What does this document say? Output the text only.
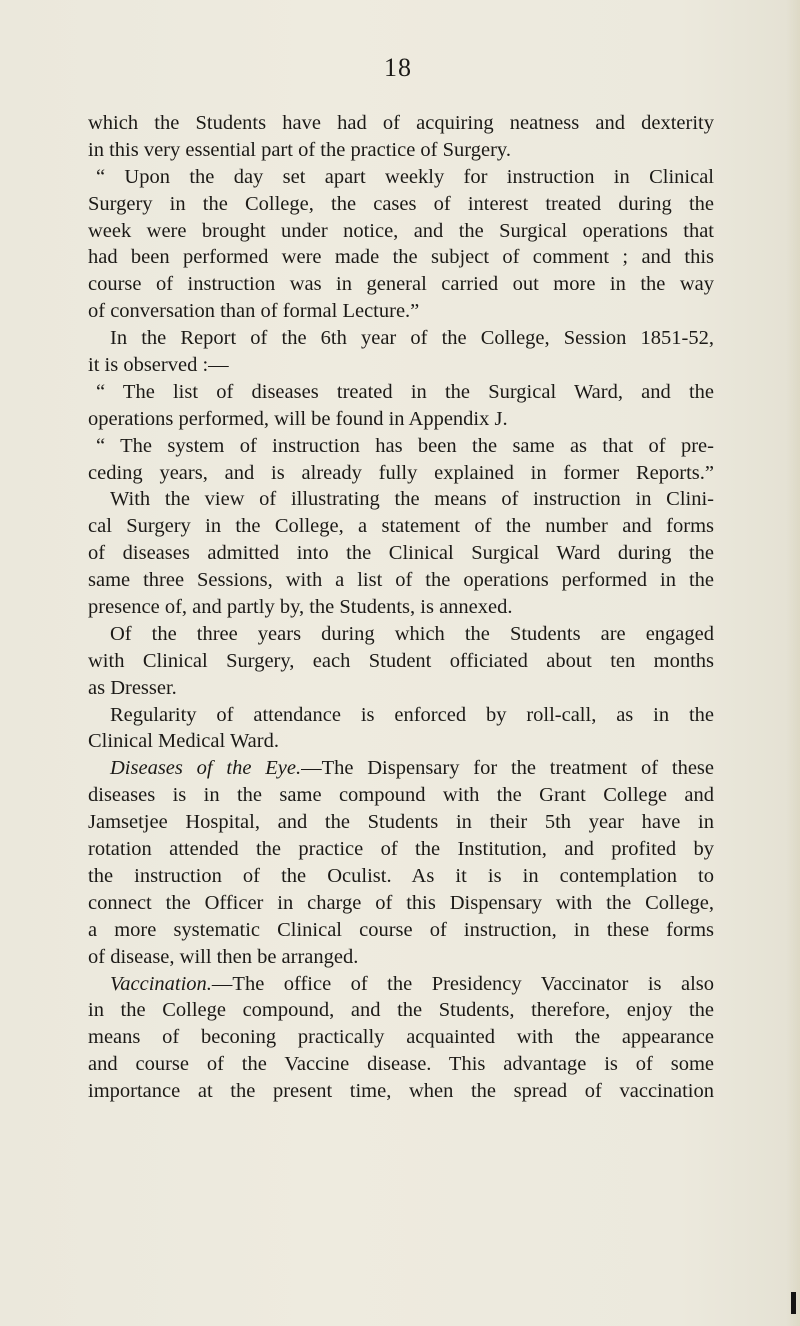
18
which the Students have had of acquiring neatness and dexterity
in this very essential part of the practice of Surgery.
“ Upon the day set apart weekly for instruction in Clinical
Surgery in the College, the cases of interest treated during the
week were brought under notice, and the Surgical operations that
had been performed were made the subject of comment ; and this
course of instruction was in general carried out more in the way
of conversation than of formal Lecture.”
In the Report of the 6th year of the College, Session 1851-52,
it is observed :—
“ The list of diseases treated in the Surgical Ward, and the
operations performed, will be found in Appendix J.
“ The system of instruction has been the same as that of pre-
ceding years, and is already fully explained in former Reports.”
With the view of illustrating the means of instruction in Clini-
cal Surgery in the College, a statement of the number and forms
of diseases admitted into the Clinical Surgical Ward during the
same three Sessions, with a list of the operations performed in the
presence of, and partly by, the Students, is annexed.
Of the three years during which the Students are engaged
with Clinical Surgery, each Student officiated about ten months
as Dresser.
Regularity of attendance is enforced by roll-call, as in the
Clinical Medical Ward.
Diseases of the Eye.—The Dispensary for the treatment of these
diseases is in the same compound with the Grant College and
Jamsetjee Hospital, and the Students in their 5th year have in
rotation attended the practice of the Institution, and profited by
the instruction of the Oculist. As it is in contemplation to
connect the Officer in charge of this Dispensary with the College,
a more systematic Clinical course of instruction, in these forms
of disease, will then be arranged.
Vaccination.—The office of the Presidency Vaccinator is also
in the College compound, and the Students, therefore, enjoy the
means of beconing practically acquainted with the appearance
and course of the Vaccine disease. This advantage is of some
importance at the present time, when the spread of vaccination
